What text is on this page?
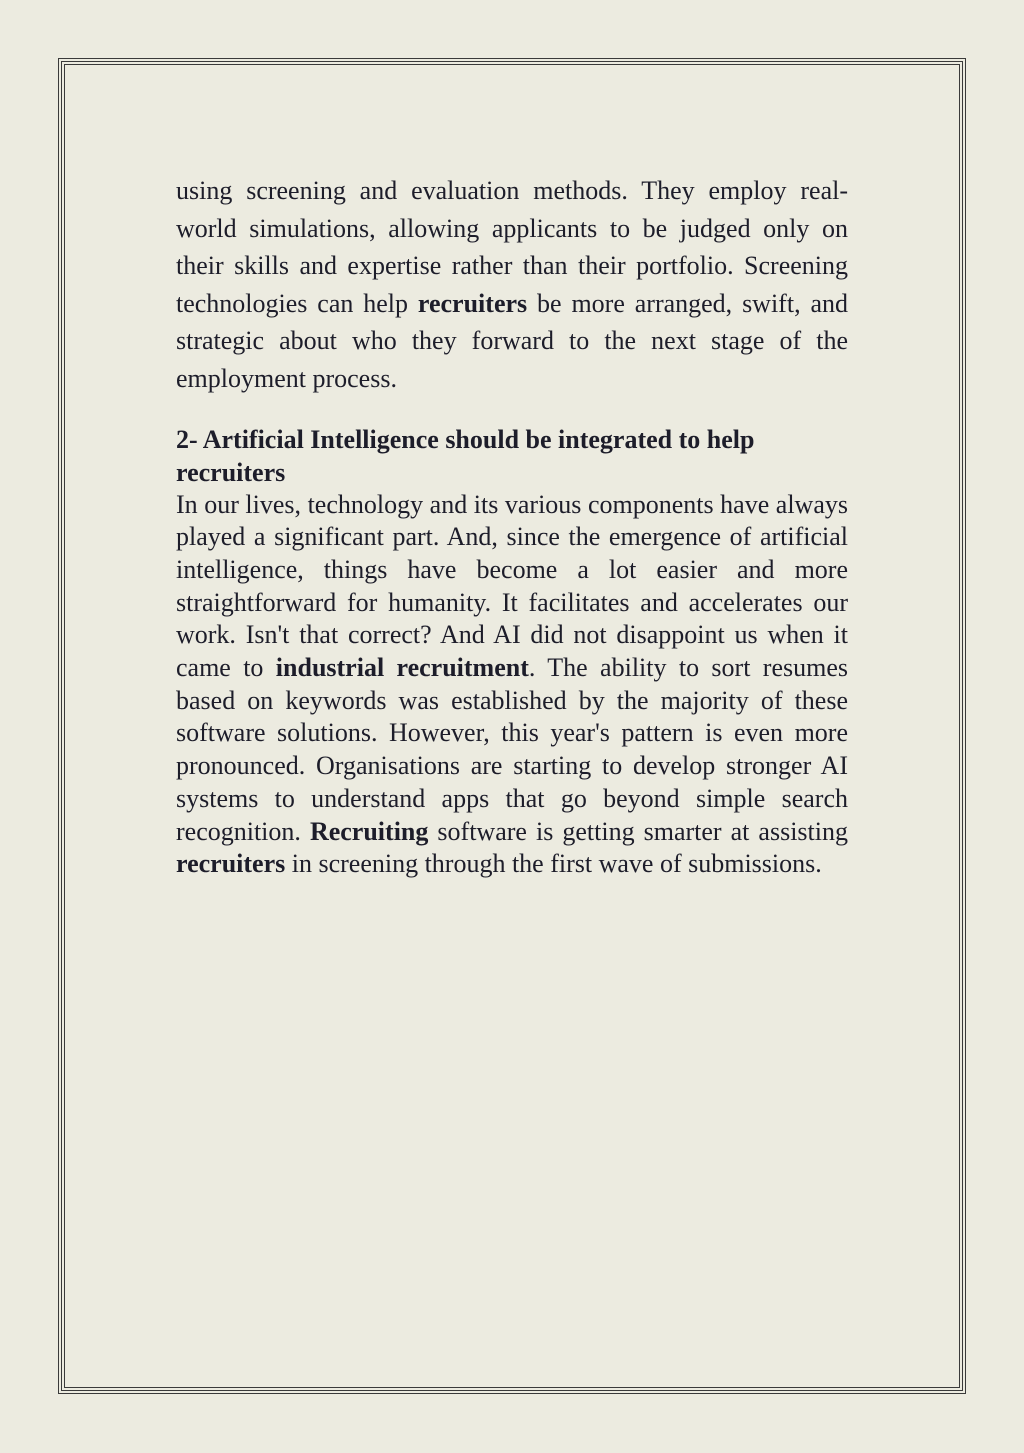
using screening and evaluation methods. They employ real-world simulations, allowing applicants to be judged only on their skills and expertise rather than their portfolio. Screening technologies can help recruiters be more arranged, swift, and strategic about who they forward to the next stage of the employment process.

2- Artificial Intelligence should be integrated to help recruiters

In our lives, technology and its various components have always played a significant part. And, since the emergence of artificial intelligence, things have become a lot easier and more straightforward for humanity. It facilitates and accelerates our work. Isn't that correct? And AI did not disappoint us when it came to industrial recruitment. The ability to sort resumes based on keywords was established by the majority of these software solutions. However, this year's pattern is even more pronounced. Organisations are starting to develop stronger AI systems to understand apps that go beyond simple search recognition. Recruiting software is getting smarter at assisting recruiters in screening through the first wave of submissions.
